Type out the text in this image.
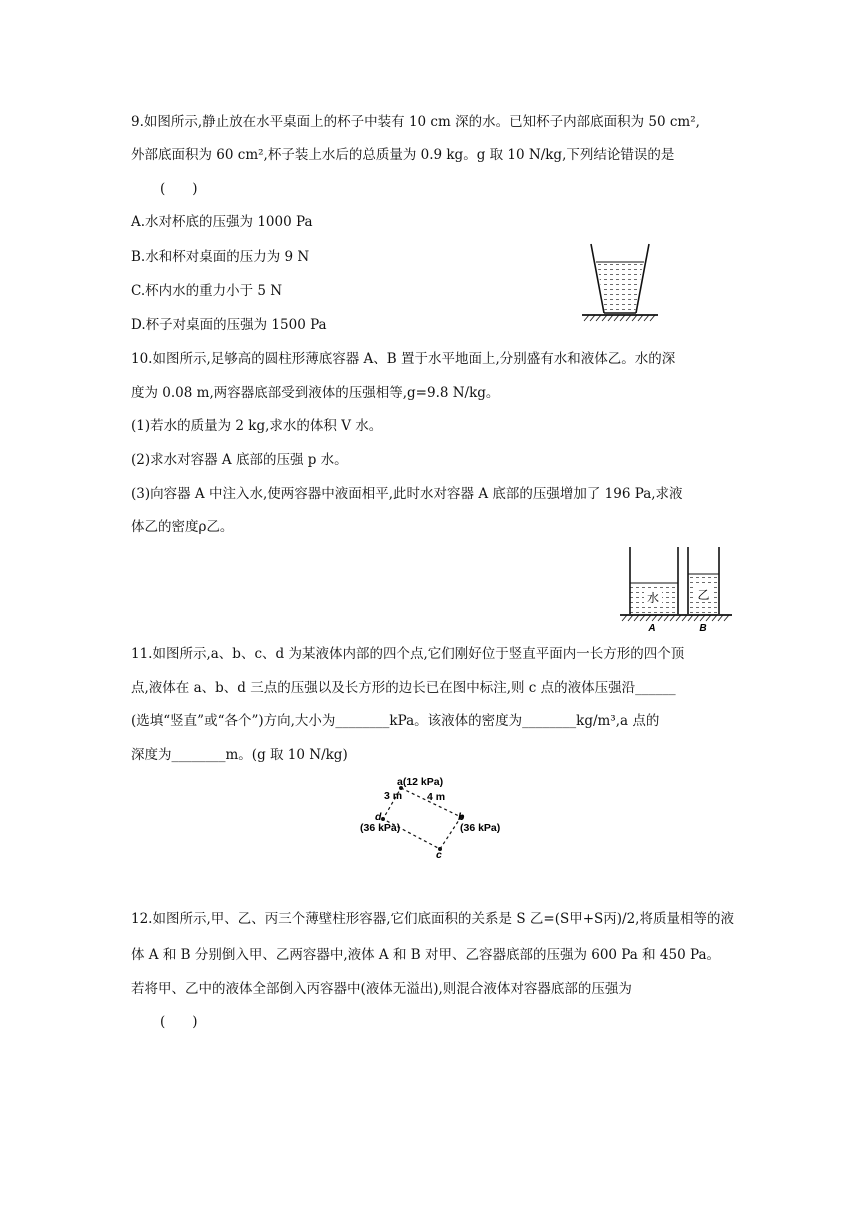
9.如图所示,静止放在水平桌面上的杯子中装有 10 cm 深的水。已知杯子内部底面积为 50 cm²,
外部底面积为 60 cm²,杯子装上水后的总质量为 0.9 kg。g 取 10 N/kg,下列结论错误的是
(　　)
A.水对杯底的压强为 1000 Pa
B.水和杯对桌面的压力为 9 N
C.杯内水的重力小于 5 N
D.杯子对桌面的压强为 1500 Pa
10.如图所示,足够高的圆柱形薄底容器 A、B 置于水平地面上,分别盛有水和液体乙。水的深
度为 0.08 m,两容器底部受到液体的压强相等,g=9.8 N/kg。
(1)若水的质量为 2 kg,求水的体积 V 水。
(2)求水对容器 A 底部的压强 p 水。
(3)向容器 A 中注入水,使两容器中液面相平,此时水对容器 A 底部的压强增加了 196 Pa,求液
体乙的密度ρ乙。
水	乙
A	B
11.如图所示,a、b、c、d 为某液体内部的四个点,它们刚好位于竖直平面内一长方形的四个顶
点,液体在 a、b、d 三点的压强以及长方形的边长已在图中标注,则 c 点的液体压强沿______
(选填“竖直”或“各个”)方向,大小为________kPa。该液体的密度为________kg/m³,a 点的
深度为________m。(g 取 10 N/kg)
a(12 kPa)
3 m 4 m
d
(36 kPa)
b
(36 kPa)
c
12.如图所示,甲、乙、丙三个薄壁柱形容器,它们底面积的关系是 S 乙=(S甲+S丙)/2,将质量相等的液
体 A 和 B 分别倒入甲、乙两容器中,液体 A 和 B 对甲、乙容器底部的压强为 600 Pa 和 450 Pa。
若将甲、乙中的液体全部倒入丙容器中(液体无溢出),则混合液体对容器底部的压强为
(　　)
